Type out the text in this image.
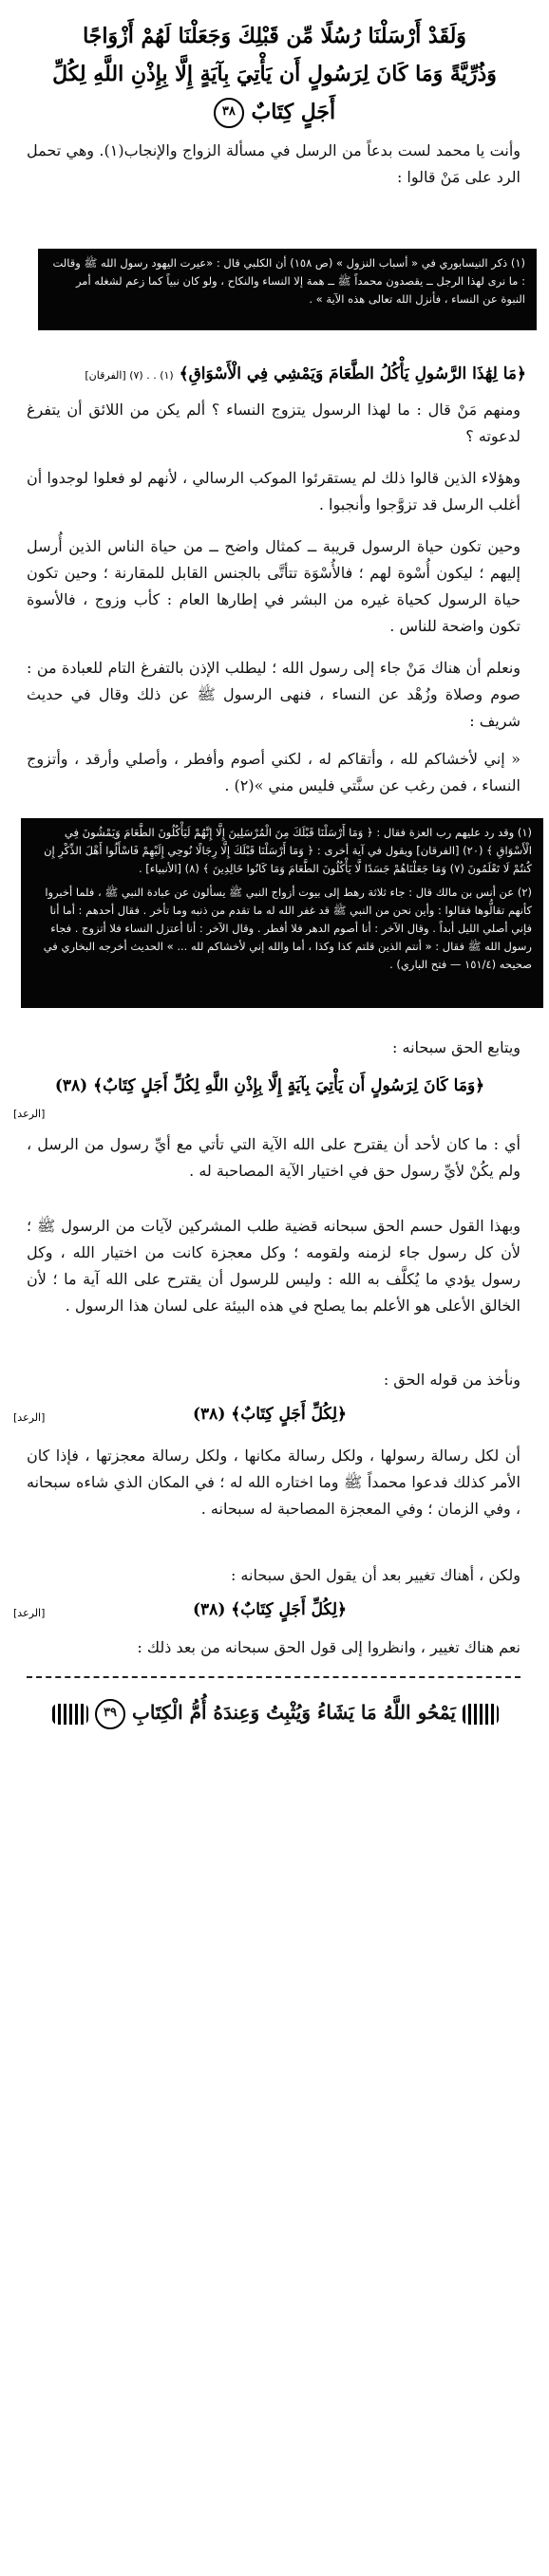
وَلَقَدْ أَرْسَلْنَا رُسُلًا مِّن قَبْلِكَ وَجَعَلْنَا لَهُمْ أَزْوَاجًا
وَذُرِّيَّةً وَمَا كَانَ لِرَسُولٍ أَن يَأْتِيَ بِآيَةٍ إِلَّا بِإِذْنِ اللَّهِ لِكُلِّ
أَجَلٍ كِتَابٌ ٣٨
وأنت يا محمد لست بدعاً من الرسل في مسألة الزواج والإنجاب(١). وهي تحمل الرد على مَنْ قالوا :
(١) ذكر النيسابوري في « أسباب النزول » (ص ١٥٨) أن الكلبي قال : «عيرت اليهود رسول الله ﷺ وقالت : ما نرى لهذا الرجل ــ يقصدون محمداً ﷺ ــ همة إلا النساء والنكاح ، ولو كان نبياً كما زعم لشغله أمر النبوة عن النساء ، فأنزل الله تعالى هذه الآية » .
﴿مَا لِهَٰذَا الرَّسُولِ يَأْكُلُ الطَّعَامَ وَيَمْشِي فِي الْأَسْوَاقِ﴾ (١) . . (٧) [الفرقان]
ومنهم مَنْ قال : ما لهذا الرسول يتزوج النساء ؟ ألم يكن من اللائق أن يتفرغ لدعوته ؟
وهؤلاء الذين قالوا ذلك لم يستقرئوا الموكب الرسالي ، لأنهم لو فعلوا لوجدوا أن أغلب الرسل قد تزوَّجوا وأنجبوا .
وحين تكون حياة الرسول قريبة ــ كمثال واضح ــ من حياة الناس الذين أُرسل إليهم ؛ ليكون أُسْوة لهم ؛ فالأُسْوَة تتأتَّى بالجنس القابل للمقارنة ؛ وحين تكون حياة الرسول كحياة غيره من البشر في إطارها العام : كأب وزوج ، فالأسوة تكون واضحة للناس .
ونعلم أن هناك مَنْ جاء إلى رسول الله ؛ ليطلب الإذن بالتفرغ التام للعبادة من : صوم وصلاة وزُهْد عن النساء ، فنهى الرسول ﷺ عن ذلك وقال في حديث شريف :
« إني لأخشاكم لله ، وأتقاكم له ، لكني أصوم وأفطر ، وأصلي وأرقد ، وأتزوج النساء ، فمن رغب عن سنَّتي فليس مني »(٢) .
(١) وقد رد عليهم رب العزة فقال : ﴿ وَمَا أَرْسَلْنَا قَبْلَكَ مِنَ الْمُرْسَلِينَ إِلَّا إِنَّهُمْ لَيَأْكُلُونَ الطَّعَامَ وَيَمْشُونَ فِي الْأَسْوَاقِ ﴾ (٢٠) [الفرقان] ويقول في آية أخرى : ﴿ وَمَا أَرْسَلْنَا قَبْلَكَ إِلَّا رِجَالًا نُوحِي إِلَيْهِمْ فَاسْأَلُوا أَهْلَ الذِّكْرِ إِن كُنتُمْ لَا تَعْلَمُونَ (٧) وَمَا جَعَلْنَاهُمْ جَسَدًا لَّا يَأْكُلُونَ الطَّعَامَ وَمَا كَانُوا خَالِدِينَ ﴾ (٨) [الأنبياء] .
(٢) عن أنس بن مالك قال : جاء ثلاثة رهط إلى بيوت أزواج النبي ﷺ يسألون عن عبادة النبي ﷺ ، فلما أخبروا كأنهم تقالُّوها فقالوا : وأين نحن من النبي ﷺ قد غفر الله له ما تقدم من ذنبه وما تأخر . فقال أحدهم : أما أنا فإني أصلي الليل أبداً . وقال الآخر : أنا أصوم الدهر فلا أفطر . وقال الآخر : أنا أعتزل النساء فلا أتزوج . فجاء رسول الله ﷺ فقال : « أنتم الذين قلتم كذا وكذا ، أما والله إني لأخشاكم لله ... » الحديث أخرجه البخاري في صحيحه (١٥١/٤ — فتح الباري) .
ويتابع الحق سبحانه :
﴿وَمَا كَانَ لِرَسُولٍ أَن يَأْتِيَ بِآيَةٍ إِلَّا بِإِذْنِ اللَّهِ لِكُلِّ أَجَلٍ كِتَابٌ﴾ (٣٨)
[الرعد]
أي : ما كان لأحد أن يقترح على الله الآية التي تأتي مع أيِّ رسول من الرسل ، ولم يكُنْ لأيِّ رسول حق في اختيار الآية المصاحبة له .
وبهذا القول حسم الحق سبحانه قضية طلب المشركين لآيات من الرسول ﷺ ؛ لأن كل رسول جاء لزمنه ولقومه ؛ وكل معجزة كانت من اختيار الله ، وكل رسول يؤدي ما يُكلَّف به الله : وليس للرسول أن يقترح على الله آية ما ؛ لأن الخالق الأعلى هو الأعلم بما يصلح في هذه البيئة على لسان هذا الرسول .
ونأخذ من قوله الحق :
﴿لِكُلِّ أَجَلٍ كِتَابٌ﴾ (٣٨)
[الرعد]
أن لكل رسالة رسولها ، ولكل رسالة مكانها ، ولكل رسالة معجزتها ، فإذا كان الأمر كذلك فدعوا محمداً ﷺ وما اختاره الله له ؛ في المكان الذي شاءه سبحانه ، وفي الزمان ؛ وفي المعجزة المصاحبة له سبحانه .
ولكن ، أهناك تغيير بعد أن يقول الحق سبحانه :
﴿لِكُلِّ أَجَلٍ كِتَابٌ﴾ (٣٨)
[الرعد]
نعم هناك تغيير ، وانظروا إلى قول الحق سبحانه من بعد ذلك :
يَمْحُو اللَّهُ مَا يَشَاءُ وَيُثْبِتُ وَعِندَهُ أُمُّ الْكِتَابِ ٣٩
